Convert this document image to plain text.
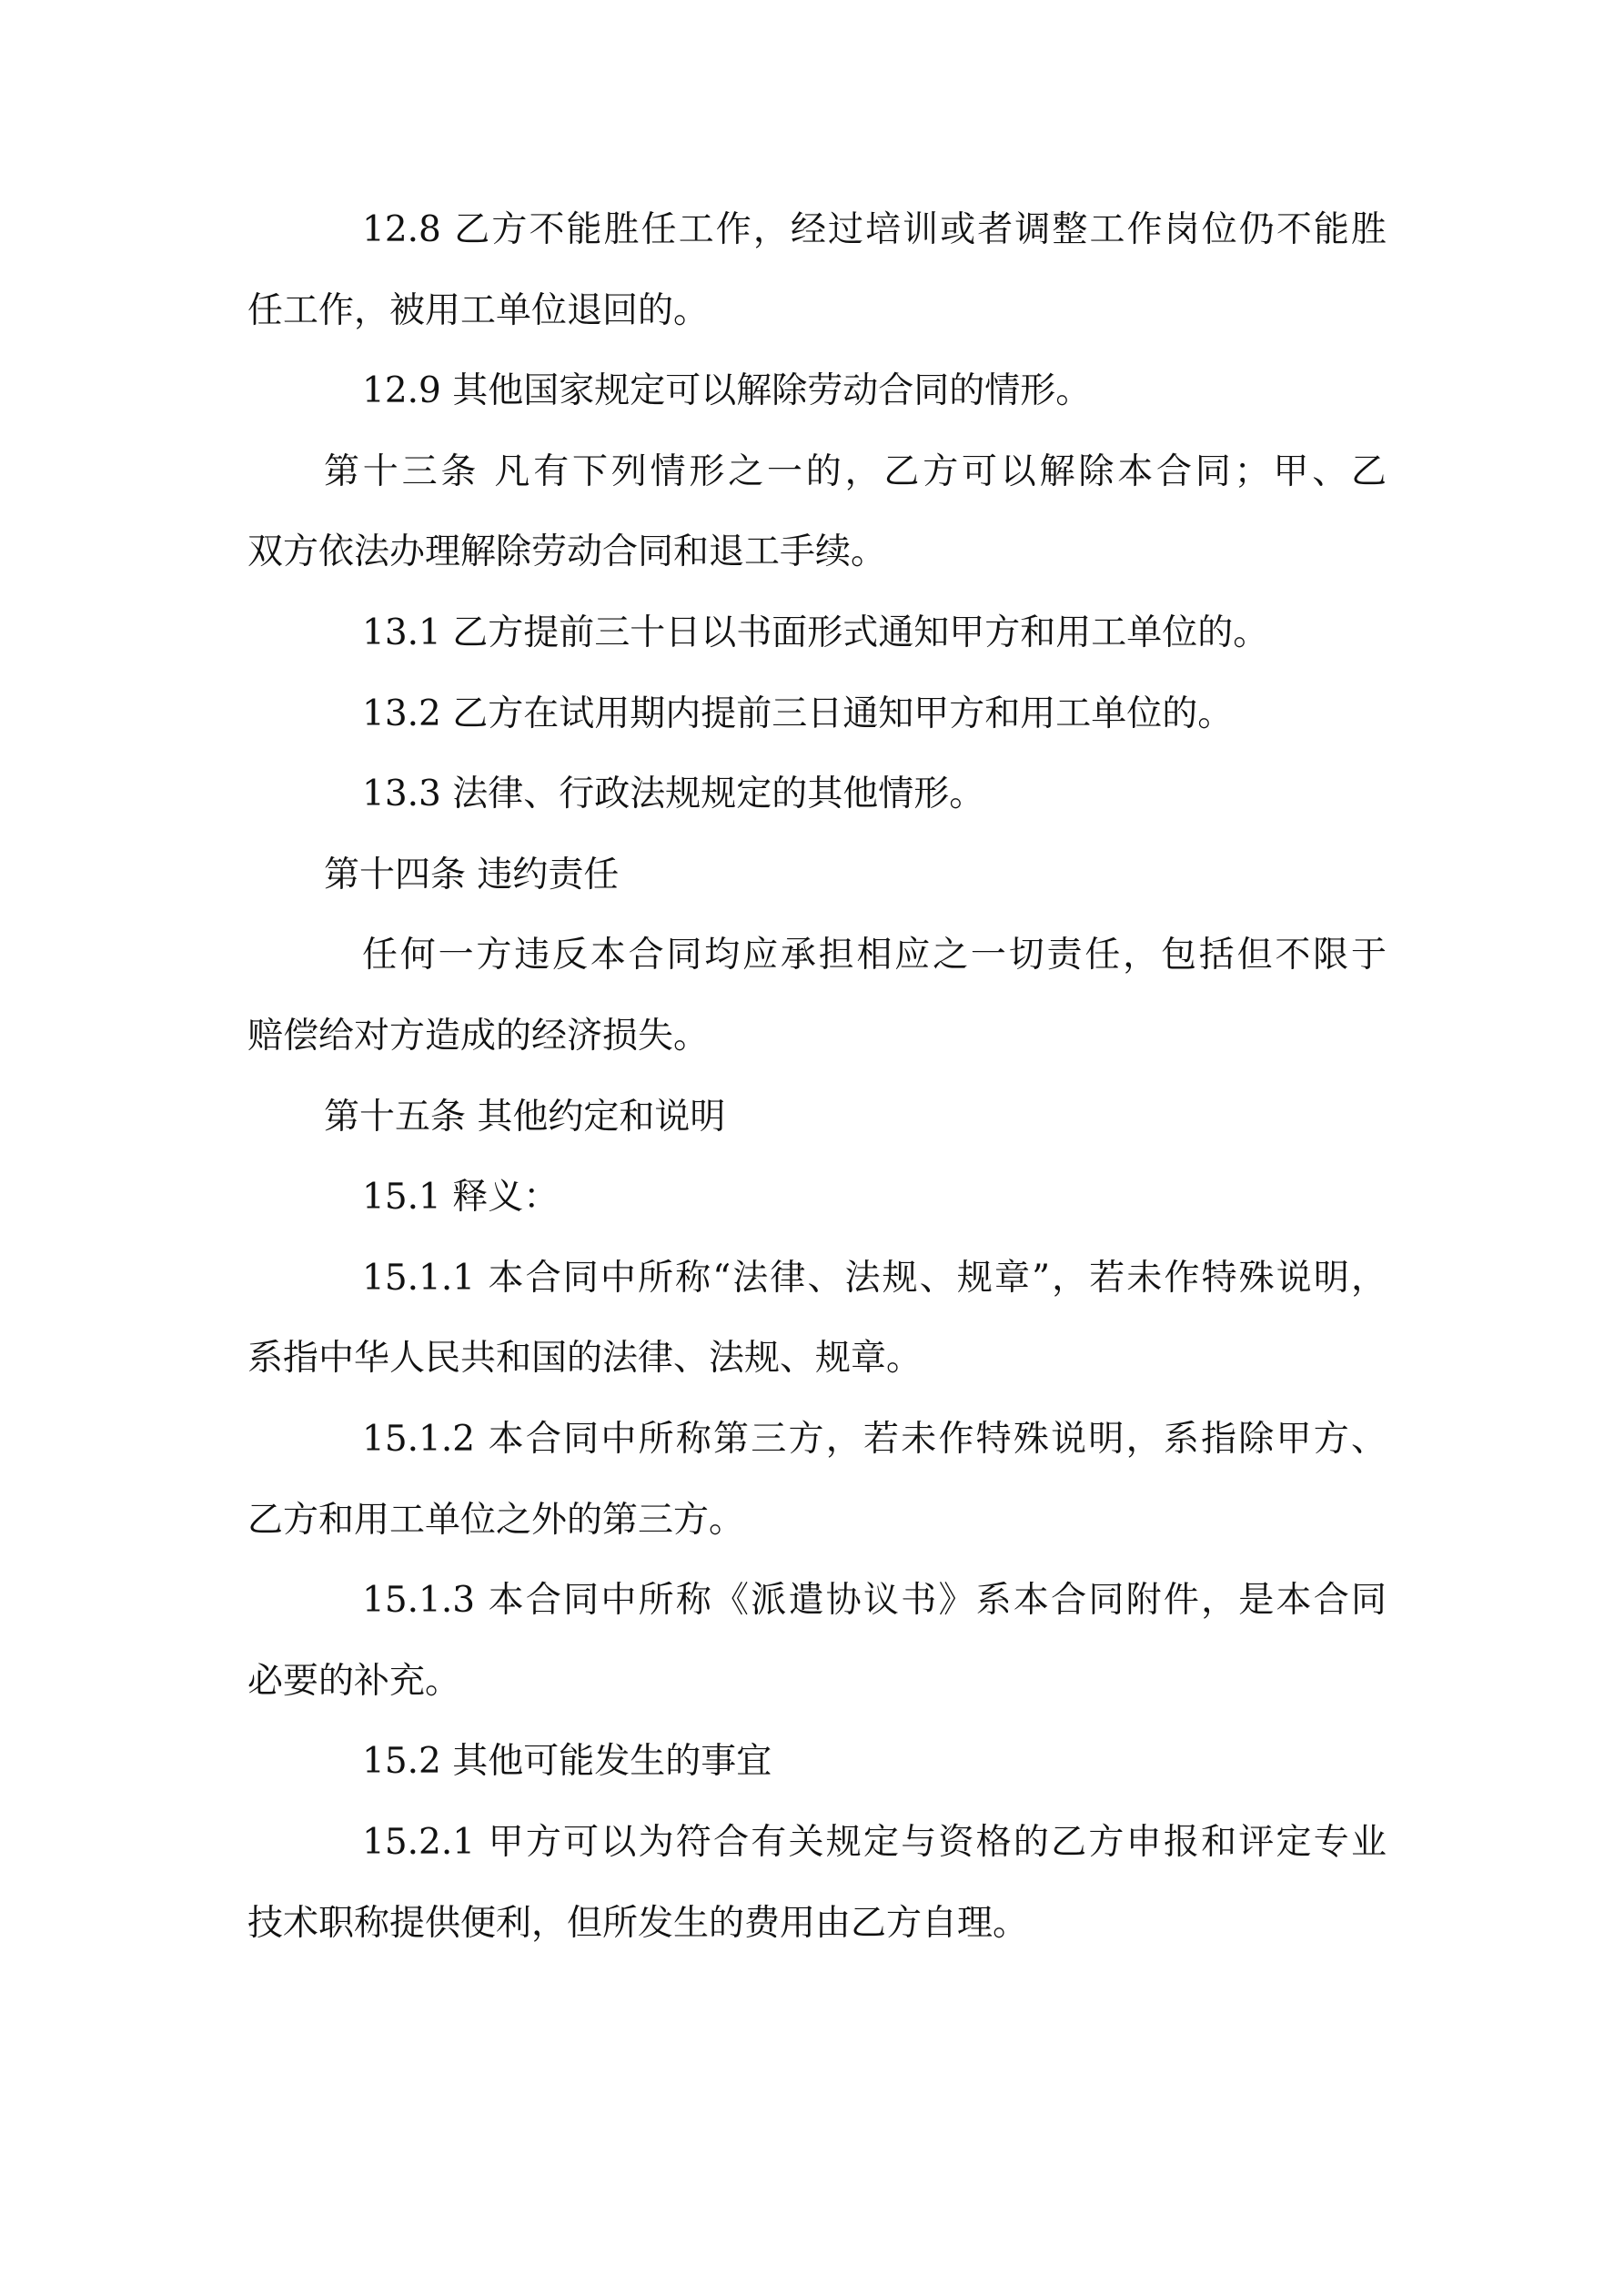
12.8 乙方不能胜任工作，经过培训或者调整工作岗位仍不能胜
任工作，被用工单位退回的。
12.9 其他国家规定可以解除劳动合同的情形。
第十三条 凡有下列情形之一的，乙方可以解除本合同；甲、乙
双方依法办理解除劳动合同和退工手续。
13.1 乙方提前三十日以书面形式通知甲方和用工单位的。
13.2 乙方在试用期内提前三日通知甲方和用工单位的。
13.3 法律、行政法规规定的其他情形。
第十四条 违约责任
任何一方违反本合同均应承担相应之一切责任，包括但不限于
赔偿给对方造成的经济损失。
第十五条 其他约定和说明
15.1 释义：
15.1.1 本合同中所称“法律、法规、规章”，若未作特殊说明，
系指中华人民共和国的法律、法规、规章。
15.1.2 本合同中所称第三方，若未作特殊说明，系指除甲方、
乙方和用工单位之外的第三方。
15.1.3 本合同中所称《派遣协议书》系本合同附件，是本合同
必要的补充。
15.2 其他可能发生的事宜
15.2.1 甲方可以为符合有关规定与资格的乙方申报和评定专业
技术职称提供便利，但所发生的费用由乙方自理。
